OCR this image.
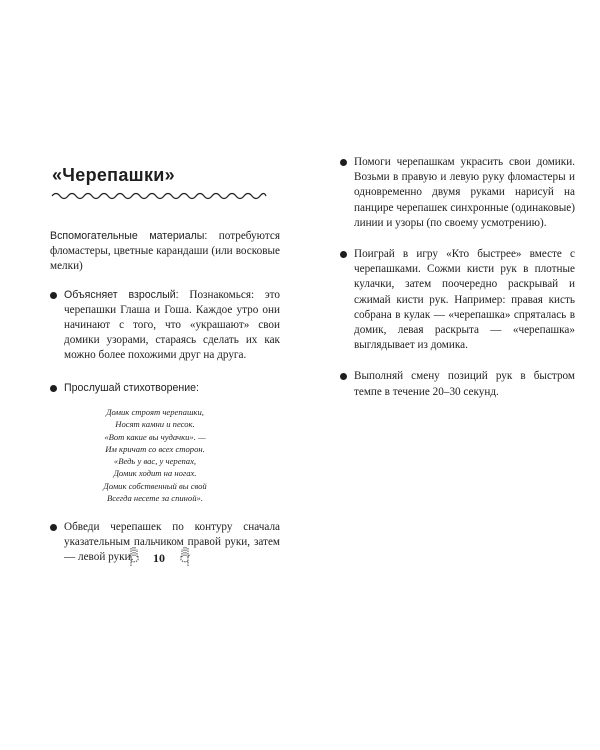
«Черепашки»

Вспомогательные материалы: потребуются фломастеры, цветные карандаши (или восковые мелки)

Объясняет взрослый: Познакомься: это черепашки Глаша и Гоша. Каждое утро они начинают с того, что «украшают» свои домики узорами, стараясь сделать их как можно более похожими друг на друга.
Прослушай стихотворение:
Домик строят черепашки,
Носят камни и песок.
«Вот какие вы чудачки». —
Им кричат со всех сторон.
«Ведь у вас, у черепах,
Домик ходит на ногах.
Домик собственный вы свой
Всегда несете за спиной».
Обведи черепашек по контуру сначала указательным пальчиком правой руки, затем — левой руки.
Помоги черепашкам украсить свои домики. Возьми в правую и левую руку фломастеры и одновременно двумя руками нарисуй на панцире черепашек синхронные (одинаковые) линии и узоры (по своему усмотрению).
Поиграй в игру «Кто быстрее» вместе с черепашками. Сожми кисти рук в плотные кулачки, затем поочередно раскрывай и сжимай кисти рук. Например: правая кисть собрана в кулак — «черепашка» спряталась в домик, левая раскрыта — «черепашка» выглядывает из домика.
Выполняй смену позиций рук в быстром темпе в течение 20–30 секунд.
10
